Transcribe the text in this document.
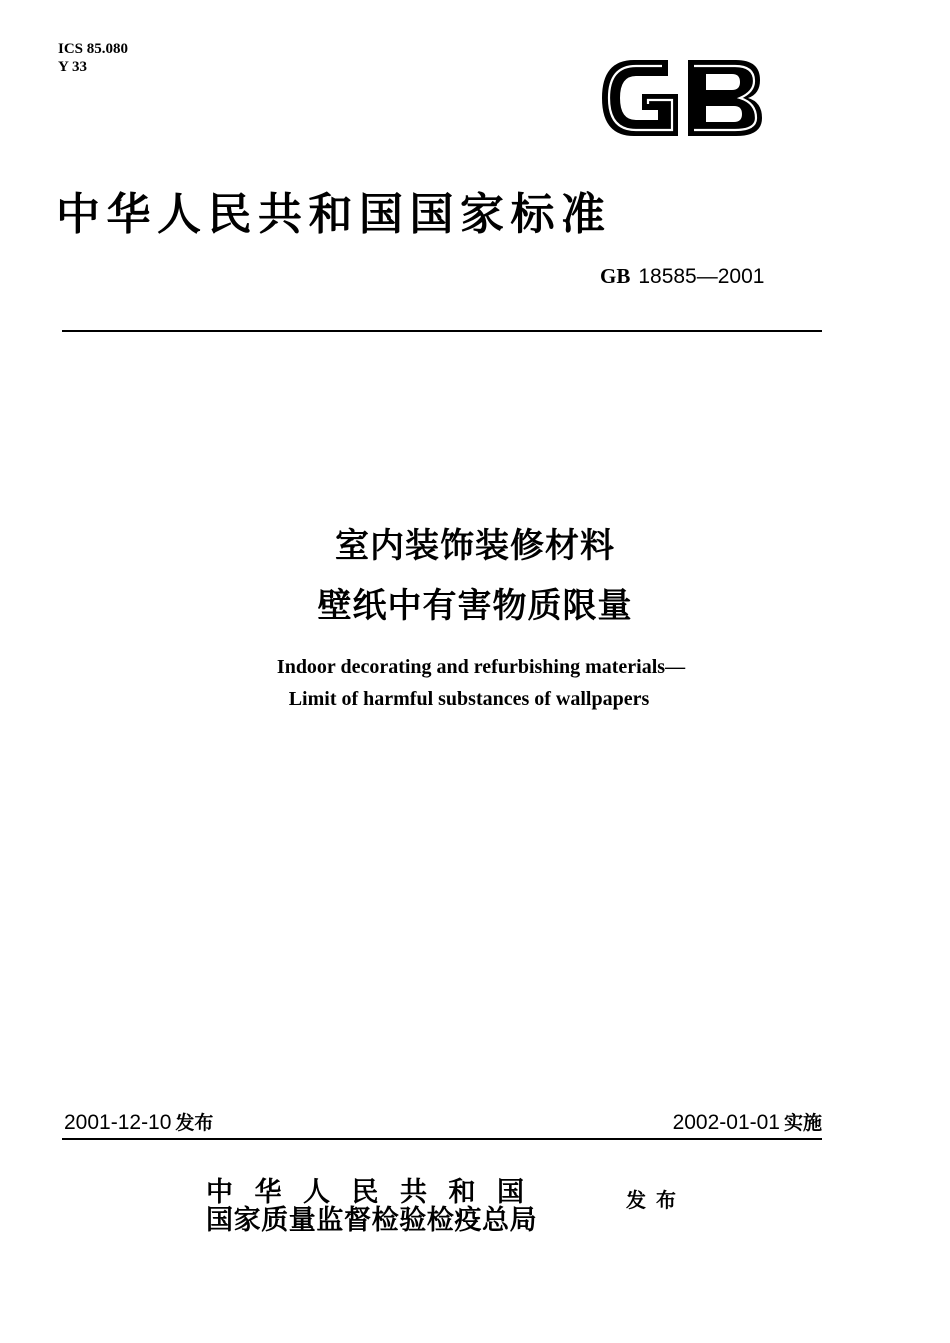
ICS 85.080
Y 33
中华人民共和国国家标准
GB 18585—2001
室内装饰装修材料
壁纸中有害物质限量
Indoor decorating and refurbishing materials—
Limit of harmful substances of wallpapers
2001-12-10 发布	2002-01-01 实施
中华人民共和国
国家质量监督检验检疫总局
发布
